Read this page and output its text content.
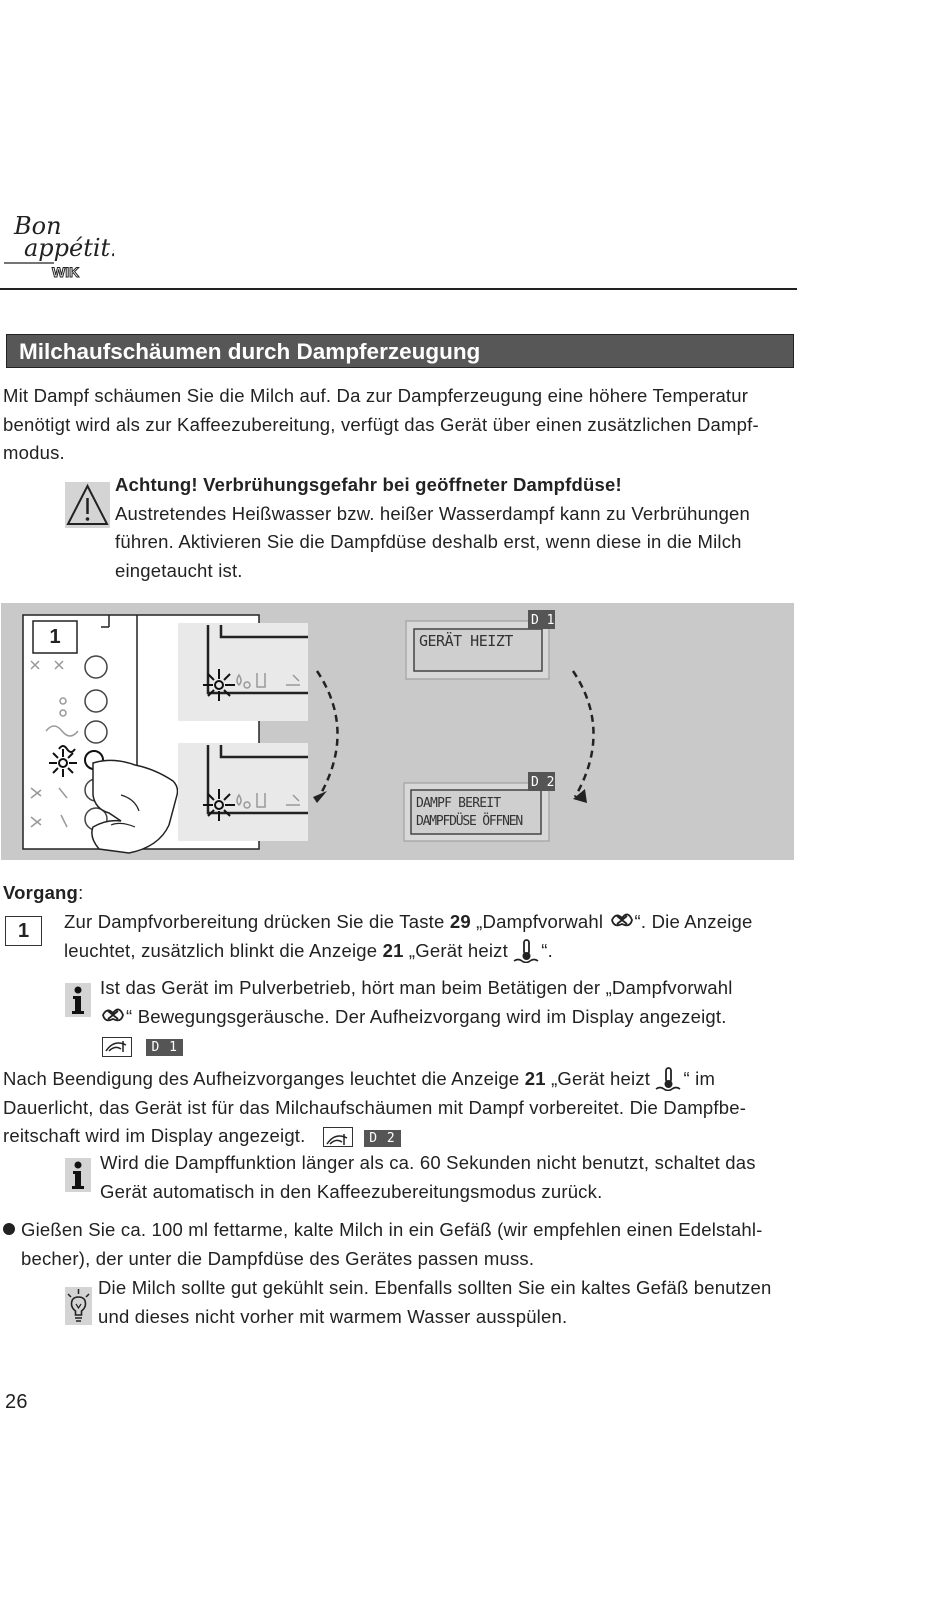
Bon
appétit!
WIK
Milchaufschäumen durch Dampferzeugung

Mit Dampf schäumen Sie die Milch auf. Da zur Dampferzeugung eine höhere Temperatur

benötigt wird als zur Kaffeezubereitung, verfügt das Gerät über einen zusätzlichen Dampf-

modus.

Achtung! Verbrühungsgefahr bei geöffneter Dampfdüse!

Austretendes Heißwasser bzw. heißer Wasserdampf kann zu Verbrühungen

führen. Aktivieren Sie die Dampfdüse deshalb erst, wenn diese in die Milch

eingetaucht ist.

GERÄT HEIZT
D 1
DAMPF BEREIT
DAMPFDÜSE ÖFFNEN
D 2
1
Vorgang:
1	Zur Dampfvorbereitung drücken Sie die Taste 29 „Dampfvorwahl “. Die Anzeige

leuchtet, zusätzlich blinkt die Anzeige 21 „Gerät heizt “.

Ist das Gerät im Pulverbetrieb, hört man beim Betätigen der „Dampfvorwahl

“ Bewegungsgeräusche. Der Aufheizvorgang wird im Display angezeigt.

D 1

Nach Beendigung des Aufheizvorganges leuchtet die Anzeige 21 „Gerät heizt “ im

Dauerlicht, das Gerät ist für das Milchaufschäumen mit Dampf vorbereitet. Die Dampfbe-

reitschaft wird im Display angezeigt.	D 2

Wird die Dampffunktion länger als ca. 60 Sekunden nicht benutzt, schaltet das

Gerät automatisch in den Kaffeezubereitungsmodus zurück.

Gießen Sie ca. 100 ml fettarme, kalte Milch in ein Gefäß (wir empfehlen einen Edelstahl-

becher), der unter die Dampfdüse des Gerätes passen muss.

Die Milch sollte gut gekühlt sein. Ebenfalls sollten Sie ein kaltes Gefäß benutzen

und dieses nicht vorher mit warmem Wasser ausspülen.

26
